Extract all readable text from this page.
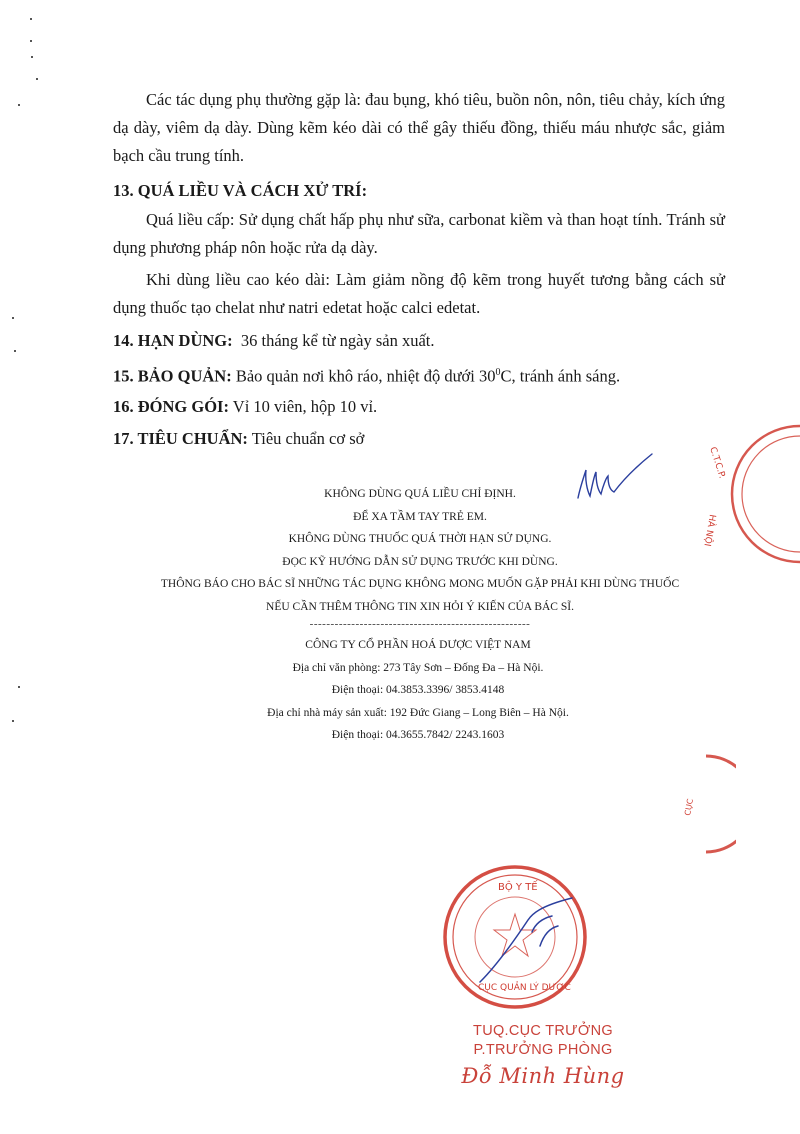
Các tác dụng phụ thường gặp là: đau bụng, khó tiêu, buồn nôn, nôn, tiêu chảy, kích ứng dạ dày, viêm dạ dày. Dùng kẽm kéo dài có thể gây thiếu đồng, thiếu máu nhược sắc, giảm bạch cầu trung tính.

13. QUÁ LIỀU VÀ CÁCH XỬ TRÍ:

Quá liều cấp: Sử dụng chất hấp phụ như sữa, carbonat kiềm và than hoạt tính. Tránh sử dụng phương pháp nôn hoặc rửa dạ dày.

Khi dùng liều cao kéo dài: Làm giảm nồng độ kẽm trong huyết tương bằng cách sử dụng thuốc tạo chelat như natri edetat hoặc calci edetat.

14. HẠN DÙNG: 36 tháng kể từ ngày sản xuất.
15. BẢO QUẢN: Bảo quản nơi khô ráo, nhiệt độ dưới $30^0C$, tránh ánh sáng.
16. ĐÓNG GÓI: Vỉ 10 viên, hộp 10 vỉ.
17. TIÊU CHUẨN: Tiêu chuẩn cơ sở
KHÔNG DÙNG QUÁ LIỀU CHỈ ĐỊNH.
ĐỂ XA TẦM TAY TRẺ EM.
KHÔNG DÙNG THUỐC QUÁ THỜI HẠN SỬ DỤNG.
ĐỌC KỸ HƯỚNG DẪN SỬ DỤNG TRƯỚC KHI DÙNG.
THÔNG BÁO CHO BÁC SĨ NHỮNG TÁC DỤNG KHÔNG MONG MUỐN GẶP PHẢI KHI DÙNG THUỐC
NẾU CẦN THÊM THÔNG TIN XIN HỎI Ý KIẾN CỦA BÁC SĨ.
-----------------------------------------------------
CÔNG TY CỔ PHẦN HOÁ DƯỢC VIỆT NAM
Địa chỉ văn phòng: 273 Tây Sơn – Đống Đa – Hà Nội.
Điện thoại: 04.3853.3396/ 3853.4148
Địa chỉ nhà máy sản xuất: 192 Đức Giang – Long Biên – Hà Nội.
Điện thoại: 04.3655.7842/ 2243.1603
C.T.C.P.
HÀ NỘI
CỤC
BỘ Y TẾ
CỤC QUẢN LÝ DƯỢC
TUQ.CỤC TRƯỞNG
P.TRƯỞNG PHÒNG
Đỗ Minh Hùng
